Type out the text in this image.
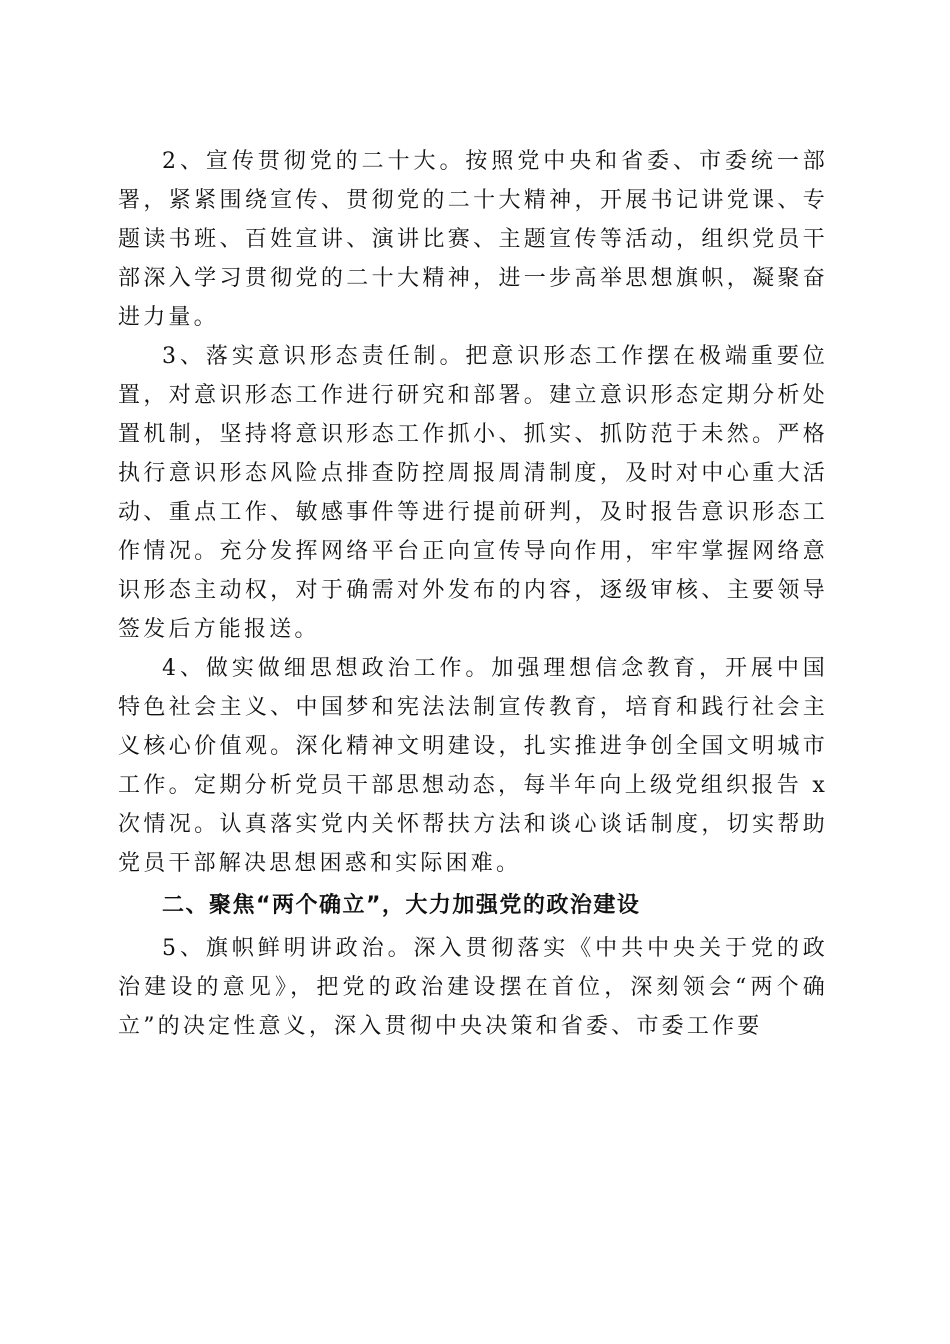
2、宣传贯彻党的二十大。按照党中央和省委、市委统一部署，紧紧围绕宣传、贯彻党的二十大精神，开展书记讲党课、专题读书班、百姓宣讲、演讲比赛、主题宣传等活动，组织党员干部深入学习贯彻党的二十大精神，进一步高举思想旗帜，凝聚奋进力量。

3、落实意识形态责任制。把意识形态工作摆在极端重要位置，对意识形态工作进行研究和部署。建立意识形态定期分析处置机制，坚持将意识形态工作抓小、抓实、抓防范于未然。严格执行意识形态风险点排查防控周报周清制度，及时对中心重大活动、重点工作、敏感事件等进行提前研判，及时报告意识形态工作情况。充分发挥网络平台正向宣传导向作用，牢牢掌握网络意识形态主动权，对于确需对外发布的内容，逐级审核、主要领导签发后方能报送。

4、做实做细思想政治工作。加强理想信念教育，开展中国特色社会主义、中国梦和宪法法制宣传教育，培育和践行社会主义核心价值观。深化精神文明建设，扎实推进争创全国文明城市工作。定期分析党员干部思想动态，每半年向上级党组织报告 x 次情况。认真落实党内关怀帮扶方法和谈心谈话制度，切实帮助党员干部解决思想困惑和实际困难。

二、聚焦“两个确立”，大力加强党的政治建设

5、旗帜鲜明讲政治。深入贯彻落实《中共中央关于党的政治建设的意见》，把党的政治建设摆在首位，深刻领会“两个确立”的决定性意义，深入贯彻中央决策和省委、市委工作要
